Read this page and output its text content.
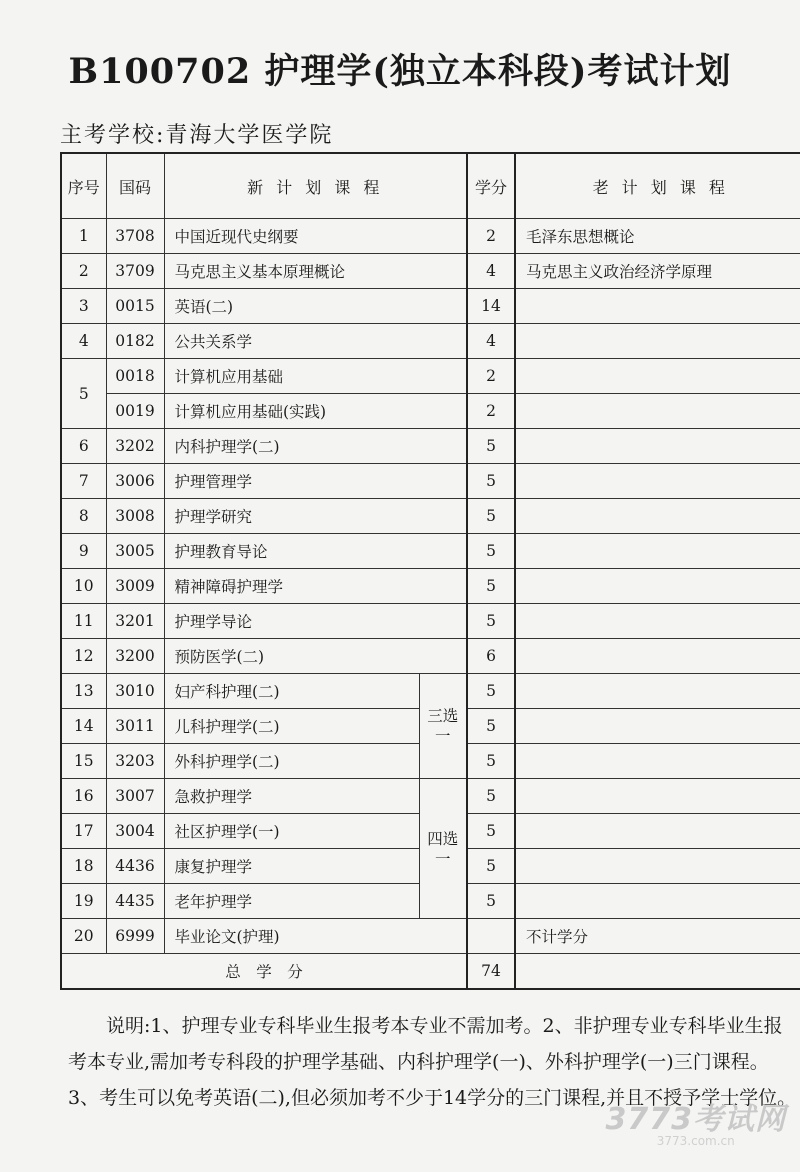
B100702 护理学(独立本科段)考试计划
主考学校:青海大学医学院
序号	国码	新 计 划 课 程		学分	老 计 划 课 程
1	3708	中国近现代史纲要		2	毛泽东思想概论
2	3709	马克思主义基本原理概论		4	马克思主义政治经济学原理
3	0015	英语(二)		14	
4	0182	公共关系学		4	
5	0018	计算机应用基础		2	
	0019	计算机应用基础(实践)		2	
6	3202	内科护理学(二)		5	
7	3006	护理管理学		5	
8	3008	护理学研究		5	
9	3005	护理教育导论		5	
10	3009	精神障碍护理学		5	
11	3201	护理学导论		5	
12	3200	预防医学(二)		6	
13	3010	妇产科护理(二)	三选一	5	
14	3011	儿科护理学(二)		5	
15	3203	外科护理学(二)		5	
16	3007	急救护理学	四选一	5	
17	3004	社区护理学(一)		5	
18	4436	康复护理学		5	
19	4435	老年护理学		5	
20	6999	毕业论文(护理)			不计学分
总　学　分				74	
说明:1、护理专业专科毕业生报考本专业不需加考。2、非护理专业专科毕业生报考本专业,需加考专科段的护理学基础、内科护理学(一)、外科护理学(一)三门课程。3、考生可以免考英语(二),但必须加考不少于14学分的三门课程,并且不授予学士学位。
3773考试网
3773.com.cn
